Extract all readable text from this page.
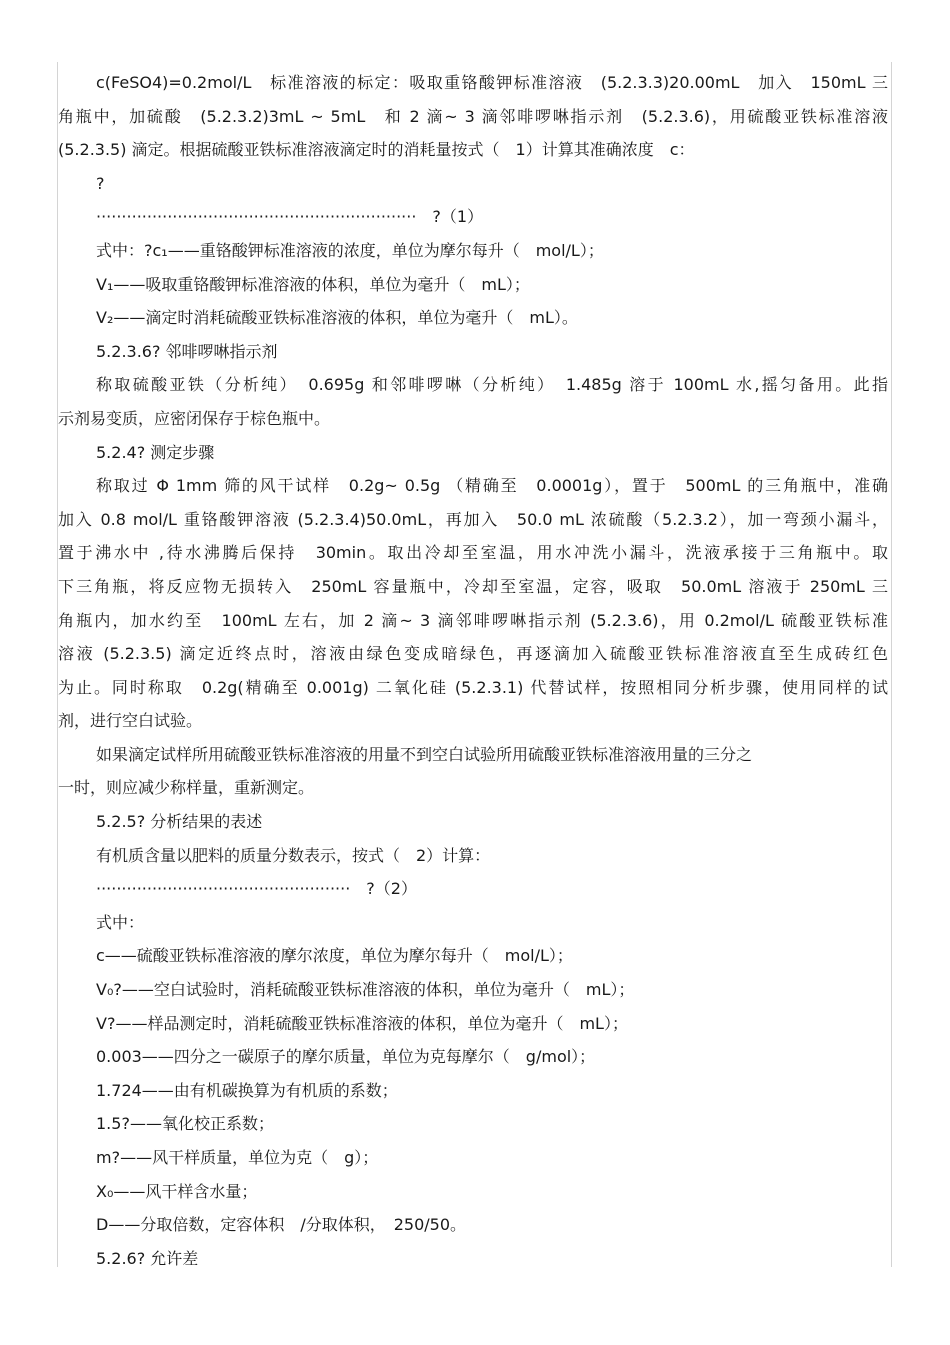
c(FeSO4)=0.2mol/L　标准溶液的标定：吸取重铬酸钾标准溶液　(5.2.3.3)20.00mL　加入　150mL 三
角瓶中，加硫酸　(5.2.3.2)3mL ~ 5mL　和 2 滴~ 3 滴邻啡啰啉指示剂　(5.2.3.6)，用硫酸亚铁标准溶液
(5.2.3.5) 滴定。根据硫酸亚铁标准溶液滴定时的消耗量按式（　1）计算其准确浓度　c：
?
·······························································　?（1）
式中：?c₁——重铬酸钾标准溶液的浓度，单位为摩尔每升（　mol/L）；
V₁——吸取重铬酸钾标准溶液的体积，单位为毫升（　mL）；
V₂——滴定时消耗硫酸亚铁标准溶液的体积，单位为毫升（　mL）。
5.2.3.6? 邻啡啰啉指示剂
称取硫酸亚铁（分析纯）　0.695g 和邻啡啰啉（分析纯）　1.485g 溶于 100mL 水,摇匀备用。此指
示剂易变质，应密闭保存于棕色瓶中。
5.2.4? 测定步骤
称取过 Φ 1mm 筛的风干试样　0.2g~ 0.5g （精确至　0.0001g），置于　500mL 的三角瓶中，准确
加入 0.8 mol/L 重铬酸钾溶液 (5.2.3.4)50.0mL，再加入　50.0 mL 浓硫酸（5.2.3.2），加一弯颈小漏斗，
置于沸水中 ,待水沸腾后保持　30min。取出冷却至室温，用水冲洗小漏斗，洗液承接于三角瓶中。取
下三角瓶，将反应物无损转入　250mL 容量瓶中，冷却至室温，定容，吸取　50.0mL 溶液于 250mL 三
角瓶内，加水约至　100mL 左右，加 2 滴~ 3 滴邻啡啰啉指示剂 (5.2.3.6)，用 0.2mol/L 硫酸亚铁标准
溶液 (5.2.3.5) 滴定近终点时，溶液由绿色变成暗绿色，再逐滴加入硫酸亚铁标准溶液直至生成砖红色
为止。同时称取　0.2g(精确至 0.001g) 二氧化硅 (5.2.3.1) 代替试样，按照相同分析步骤，使用同样的试
剂，进行空白试验。
如果滴定试样所用硫酸亚铁标准溶液的用量不到空白试验所用硫酸亚铁标准溶液用量的三分之
一时，则应减少称样量，重新测定。
5.2.5? 分析结果的表述
有机质含量以肥料的质量分数表示，按式（　2）计算：
··················································　?（2）
式中：
c——硫酸亚铁标准溶液的摩尔浓度，单位为摩尔每升（　mol/L）；
V₀?——空白试验时，消耗硫酸亚铁标准溶液的体积，单位为毫升（　mL）；
V?——样品测定时，消耗硫酸亚铁标准溶液的体积，单位为毫升（　mL）；
0.003——四分之一碳原子的摩尔质量，单位为克每摩尔（　g/mol）；
1.724——由有机碳换算为有机质的系数；
1.5?——氧化校正系数；
m?——风干样质量，单位为克（　g）；
X₀——风干样含水量；
D——分取倍数，定容体积　/分取体积，　250/50。
5.2.6? 允许差
